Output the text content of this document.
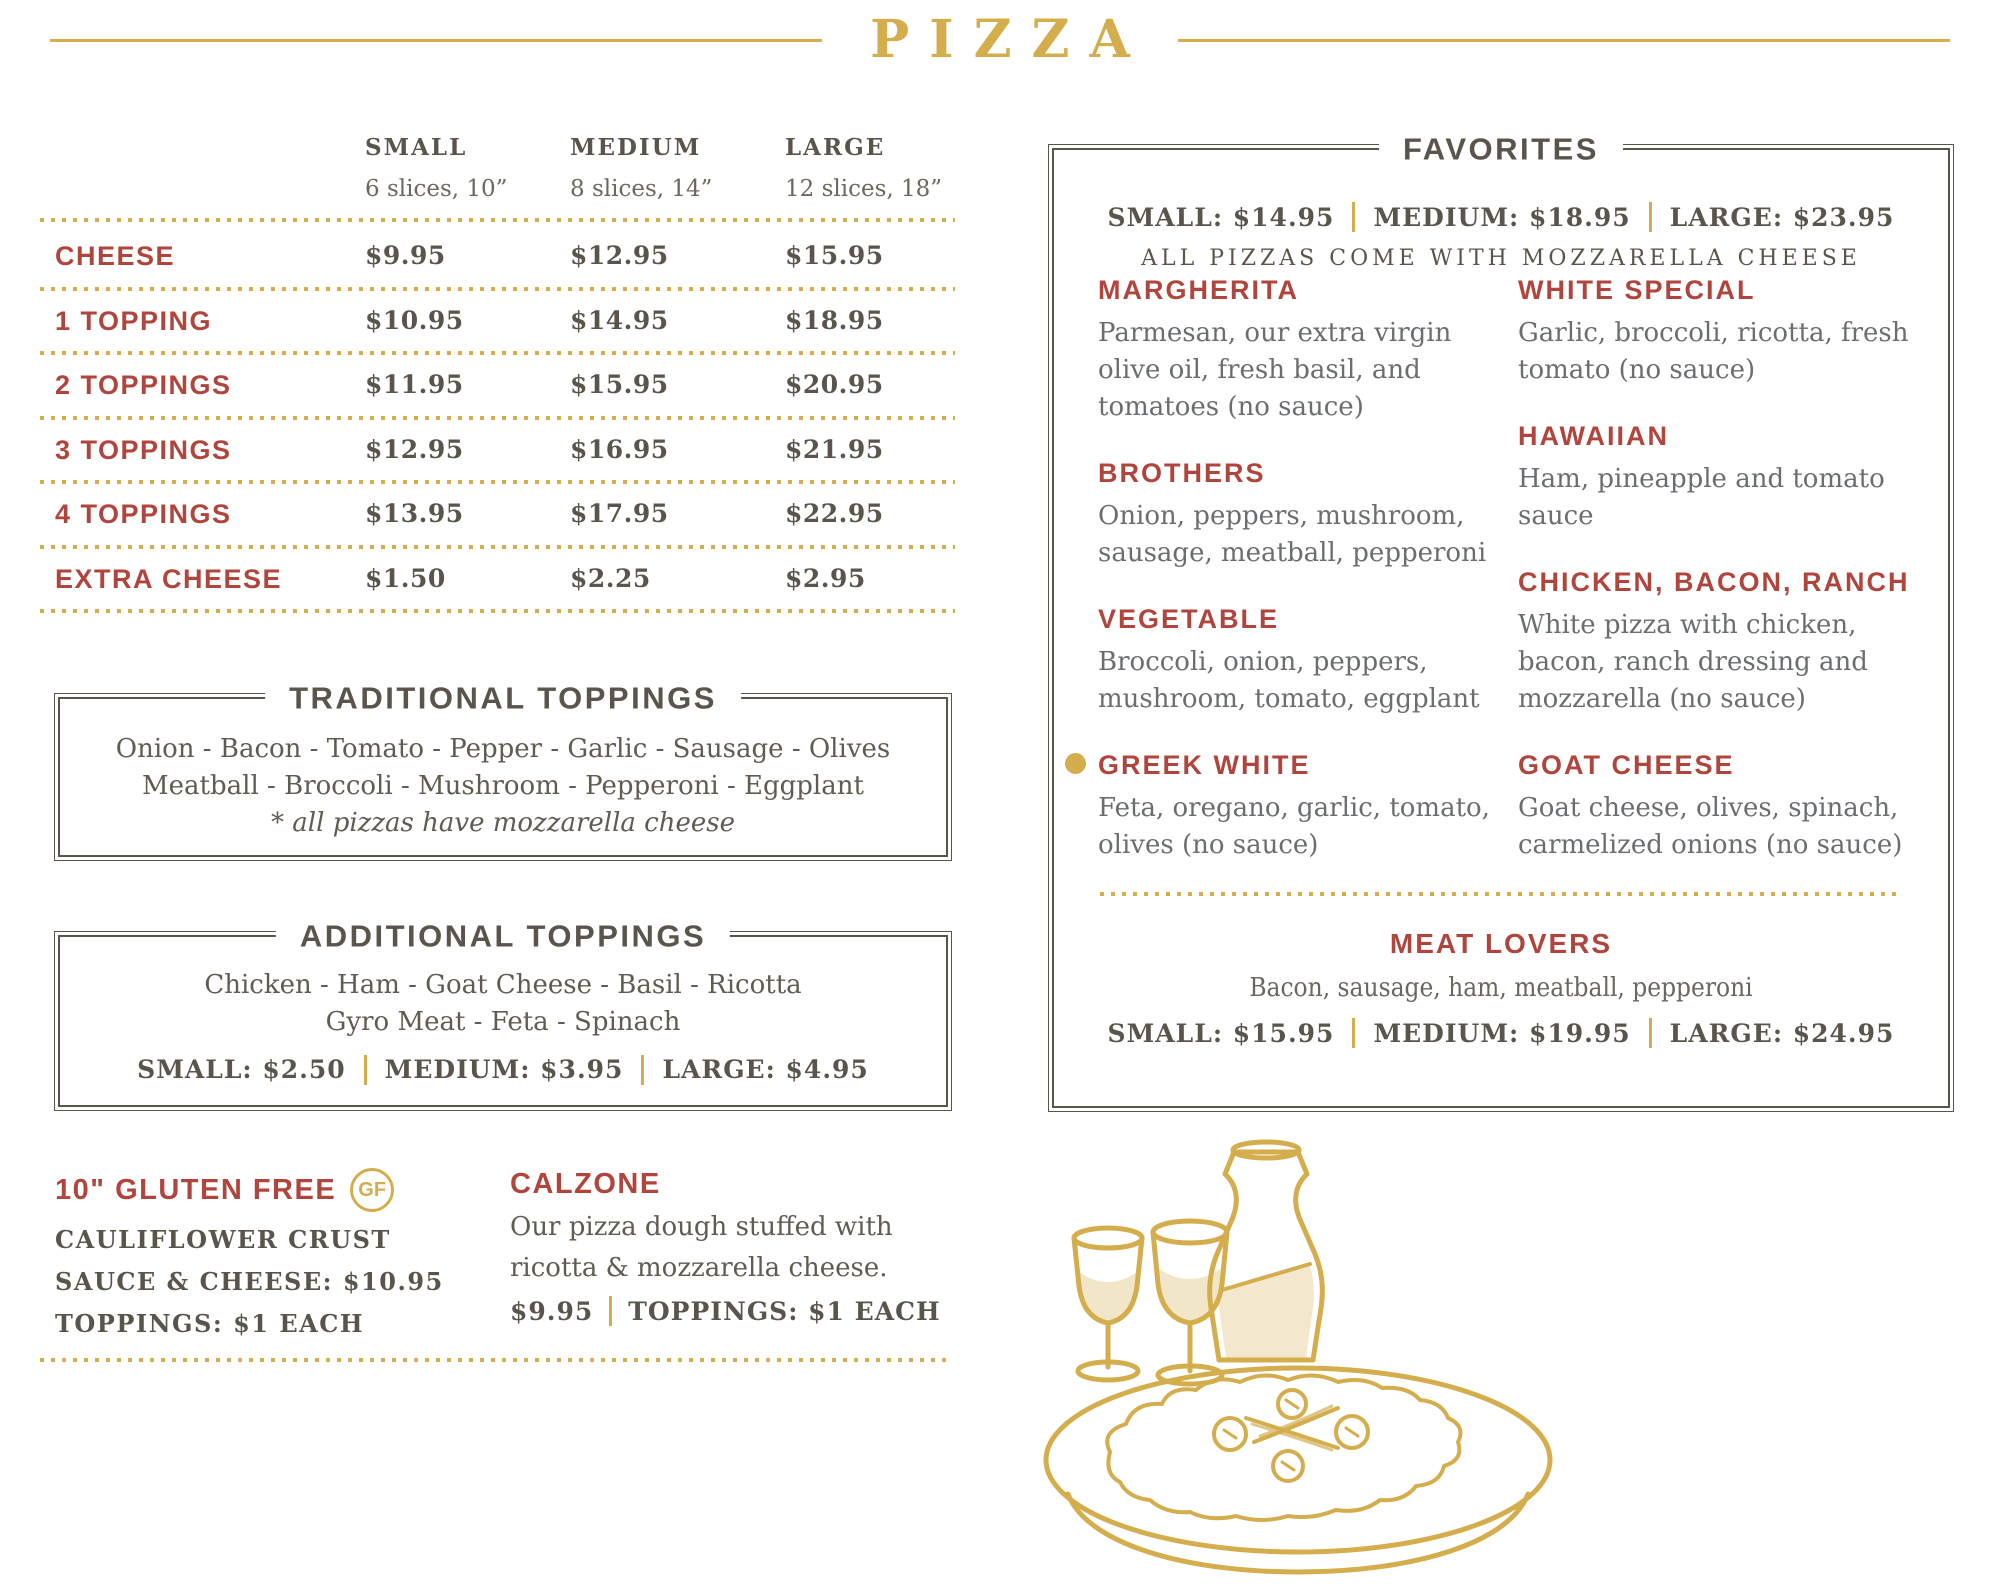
PIZZA
SMALL	MEDIUM	LARGE
6 slices, 10”	8 slices, 14”	12 slices, 18”
CHEESE	$9.95	$12.95	$15.95
1 TOPPING	$10.95	$14.95	$18.95
2 TOPPINGS	$11.95	$15.95	$20.95
3 TOPPINGS	$12.95	$16.95	$21.95
4 TOPPINGS	$13.95	$17.95	$22.95
EXTRA CHEESE	$1.50	$2.25	$2.95
TRADITIONAL TOPPINGS
Onion - Bacon - Tomato - Pepper - Garlic - Sausage - Olives
Meatball - Broccoli - Mushroom - Pepperoni - Eggplant
* all pizzas have mozzarella cheese
ADDITIONAL TOPPINGS
Chicken - Ham - Goat Cheese - Basil - Ricotta
Gyro Meat - Feta - Spinach
SMALL: $2.50 MEDIUM: $3.95 LARGE: $4.95
10" GLUTEN FREE	GF
CAULIFLOWER CRUST
SAUCE & CHEESE: $10.95
TOPPINGS: $1 EACH
CALZONE
Our pizza dough stuffed with
ricotta & mozzarella cheese.
$9.95 TOPPINGS: $1 EACH
FAVORITES
SMALL: $14.95 MEDIUM: $18.95 LARGE: $23.95
ALL PIZZAS COME WITH MOZZARELLA CHEESE
MARGHERITA
Parmesan, our extra virgin olive oil, fresh basil, and tomatoes (no sauce)
BROTHERS
Onion, peppers, mushroom, sausage, meatball, pepperoni
VEGETABLE
Broccoli, onion, peppers, mushroom, tomato, eggplant
GREEK WHITE
Feta, oregano, garlic, tomato, olives (no sauce)
WHITE SPECIAL
Garlic, broccoli, ricotta, fresh tomato (no sauce)
HAWAIIAN
Ham, pineapple and tomato sauce
CHICKEN, BACON, RANCH
White pizza with chicken, bacon, ranch dressing and mozzarella (no sauce)
GOAT CHEESE
Goat cheese, olives, spinach, carmelized onions (no sauce)
MEAT LOVERS
Bacon, sausage, ham, meatball, pepperoni
SMALL: $15.95 MEDIUM: $19.95 LARGE: $24.95
